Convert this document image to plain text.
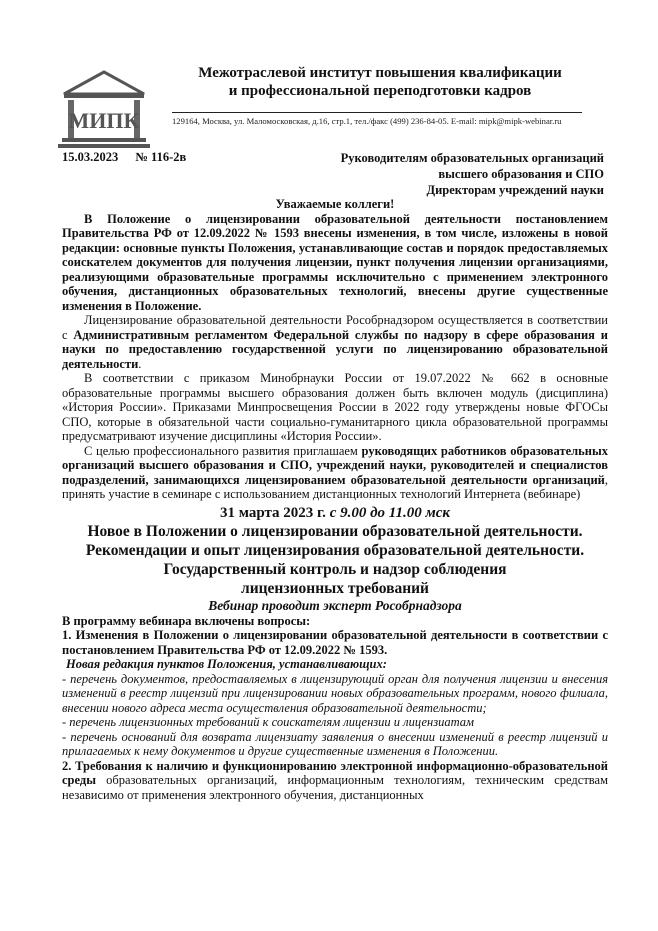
МИПК
Межотраслевой институт повышения квалификации
и профессиональной переподготовки кадров
129164, Москва, ул. Маломосковская, д.16, стр.1, тел./факс (499) 236-84-05. E-mail: mipk@mipk-webinar.ru
15.03.2023 № 116-2в	Руководителям образовательных организаций
высшего образования и СПО
Директорам учреждений науки

Уважаемые коллеги!

В Положение о лицензировании образовательной деятельности постановлением Правительства РФ от 12.09.2022 № 1593 внесены изменения, в том числе, изложены в новой редакции: основные пункты Положения, устанавливающие состав и порядок предоставляемых соискателем документов для получения лицензии, пункт получения лицензии организациями, реализующими образовательные программы исключительно с применением электронного обучения, дистанционных образовательных технологий, внесены другие существенные изменения в Положение.

Лицензирование образовательной деятельности Рособрнадзором осуществляется в соответствии с Административным регламентом Федеральной службы по надзору в сфере образования и науки по предоставлению государственной услуги по лицензированию образовательной деятельности.

В соответствии с приказом Минобрнауки России от 19.07.2022 № 662 в основные образовательные программы высшего образования должен быть включен модуль (дисциплина) «История России». Приказами Минпросвещения России в 2022 году утверждены новые ФГОСы СПО, которые в обязательной части социально-гуманитарного цикла образовательной программы предусматривают изучение дисциплины «История России».

С целью профессионального развития приглашаем руководящих работников образовательных организаций высшего образования и СПО, учреждений науки, руководителей и специалистов подразделений, занимающихся лицензированием образовательной деятельности организаций, принять участие в семинаре с использованием дистанционных технологий Интернета (вебинаре)

31 марта 2023 г. с 9.00 до 11.00 мск

Новое в Положении о лицензировании образовательной деятельности.

Рекомендации и опыт лицензирования образовательной деятельности.

Государственный контроль и надзор соблюдения

лицензионных требований

Вебинар проводит эксперт Рособрнадзора

В программу вебинара включены вопросы:

1. Изменения в Положении о лицензировании образовательной деятельности в соответствии с постановлением Правительства РФ от 12.09.2022 № 1593.

Новая редакция пунктов Положения, устанавливающих:

- перечень документов, предоставляемых в лицензирующий орган для получения лицензии и внесения изменений в реестр лицензий при лицензировании новых образовательных программ, нового филиала, внесении нового адреса места осуществления образовательной деятельности;

- перечень лицензионных требований к соискателям лицензии и лицензиатам

- перечень оснований для возврата лицензиату заявления о внесении изменений в реестр лицензий и прилагаемых к нему документов и другие существенные изменения в Положении.

2. Требования к наличию и функционированию электронной информационно-образовательной среды образовательных организаций, информационным технологиям, техническим средствам независимо от применения электронного обучения, дистанционных
